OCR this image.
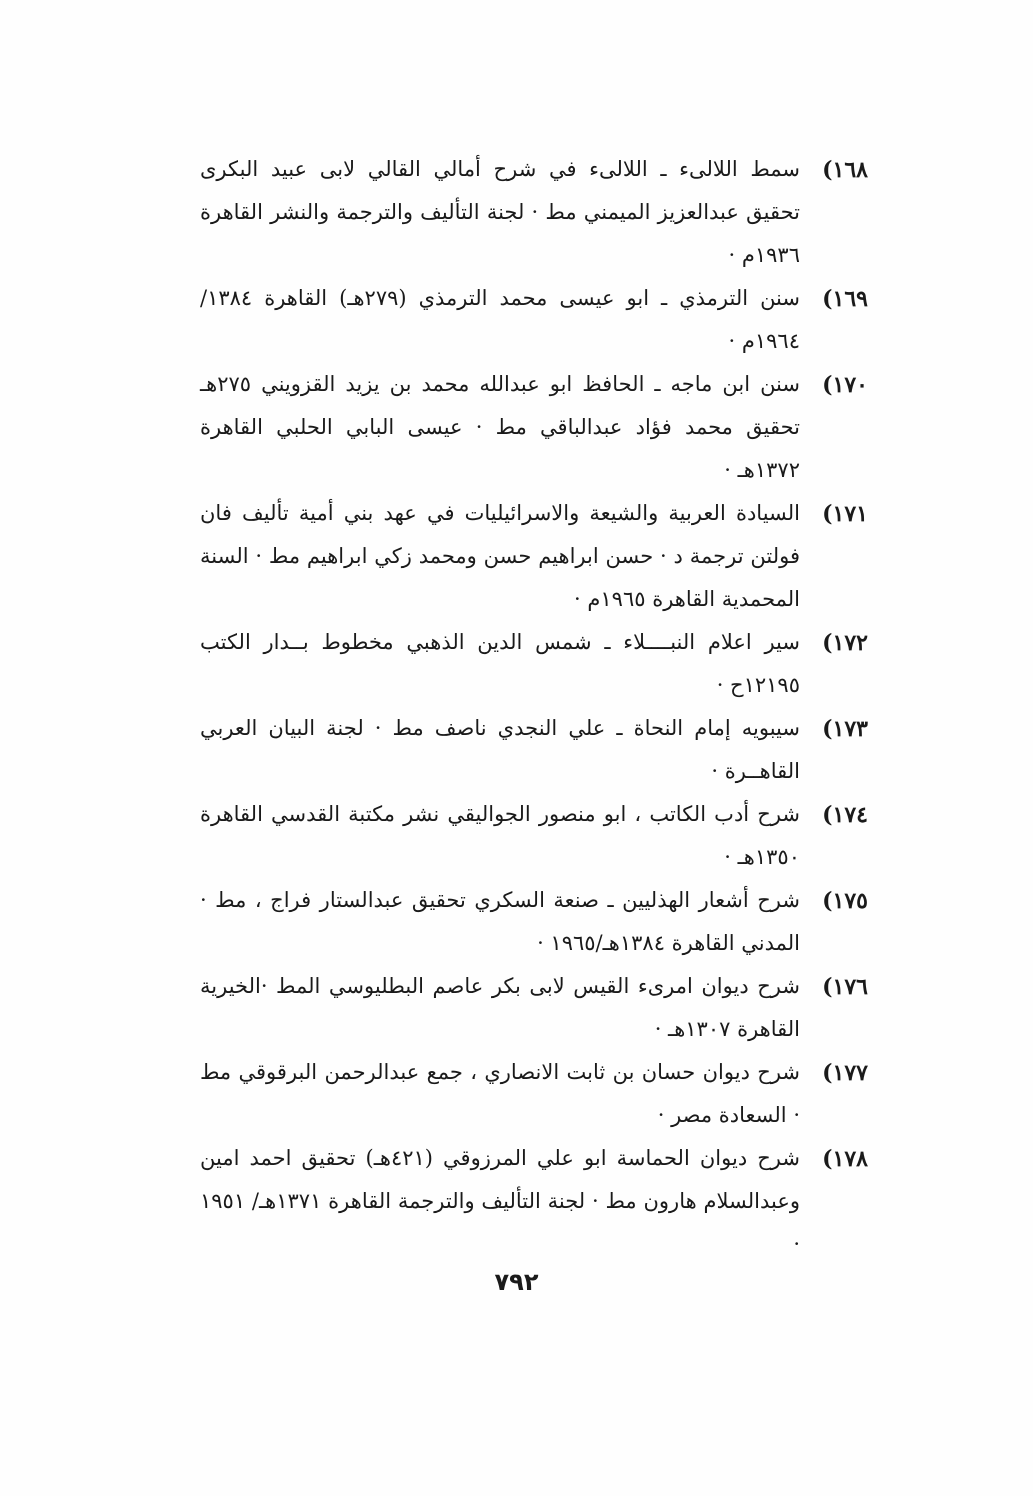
١٦٨)
سمط اللالیء ـ اللالیء في شرح أمالي القالي لابی عبيد البكری تحقيق عبدالعزيز الميمني مط · لجنة التأليف والترجمة والنشر القاهرة ١٩٣٦م ·
١٦٩)
سنن الترمذي ـ ابو عيسى محمد الترمذي (٢٧٩هـ) القاهرة ١٣٨٤/ ١٩٦٤م ·
١٧٠)
سنن ابن ماجه ـ الحافظ ابو عبدالله محمد بن يزيد القزويني ٢٧٥هـ تحقيق محمد فؤاد عبدالباقي مط · عيسى البابي الحلبي القاهرة ١٣٧٢هـ ·
١٧١)
السيادة العربية والشيعة والاسرائيليات في عهد بني أمية تأليف فان فولتن ترجمة د · حسن ابراهيم حسن ومحمد زكي ابراهيم مط · السنة المحمدية القاهرة ١٩٦٥م ·
١٧٢)
سير اعلام النبــــلاء ـ شمس الدين الذهبي مخطوط بــدار الكتب ١٢١٩٥ح ·
١٧٣)
سيبويه إمام النحاة ـ علي النجدي ناصف مط · لجنة البيان العربي القاهــرة ·
١٧٤)
شرح أدب الكاتب ، ابو منصور الجواليقي نشر مكتبة القدسي القاهرة ١٣٥٠هـ ·
١٧٥)
شرح أشعار الهذليين ـ صنعة السكري تحقيق عبدالستار فراج ، مط · المدني القاهرة ١٣٨٤هـ/١٩٦٥ ·
١٧٦)
شرح ديوان امرىء القيس لابی بكر عاصم البطليوسي المط ·الخيرية القاهرة ١٣٠٧هـ ·
١٧٧)
شرح ديوان حسان بن ثابت الانصاري ، جمع عبدالرحمن البرقوقي مط · السعادة مصر ·
١٧٨)
شرح ديوان الحماسة ابو علي المرزوقي (٤٢١هـ) تحقيق احمد امين وعبدالسلام هارون مط · لجنة التأليف والترجمة القاهرة ١٣٧١هـ/ ١٩٥١ ·
٧٩٢
